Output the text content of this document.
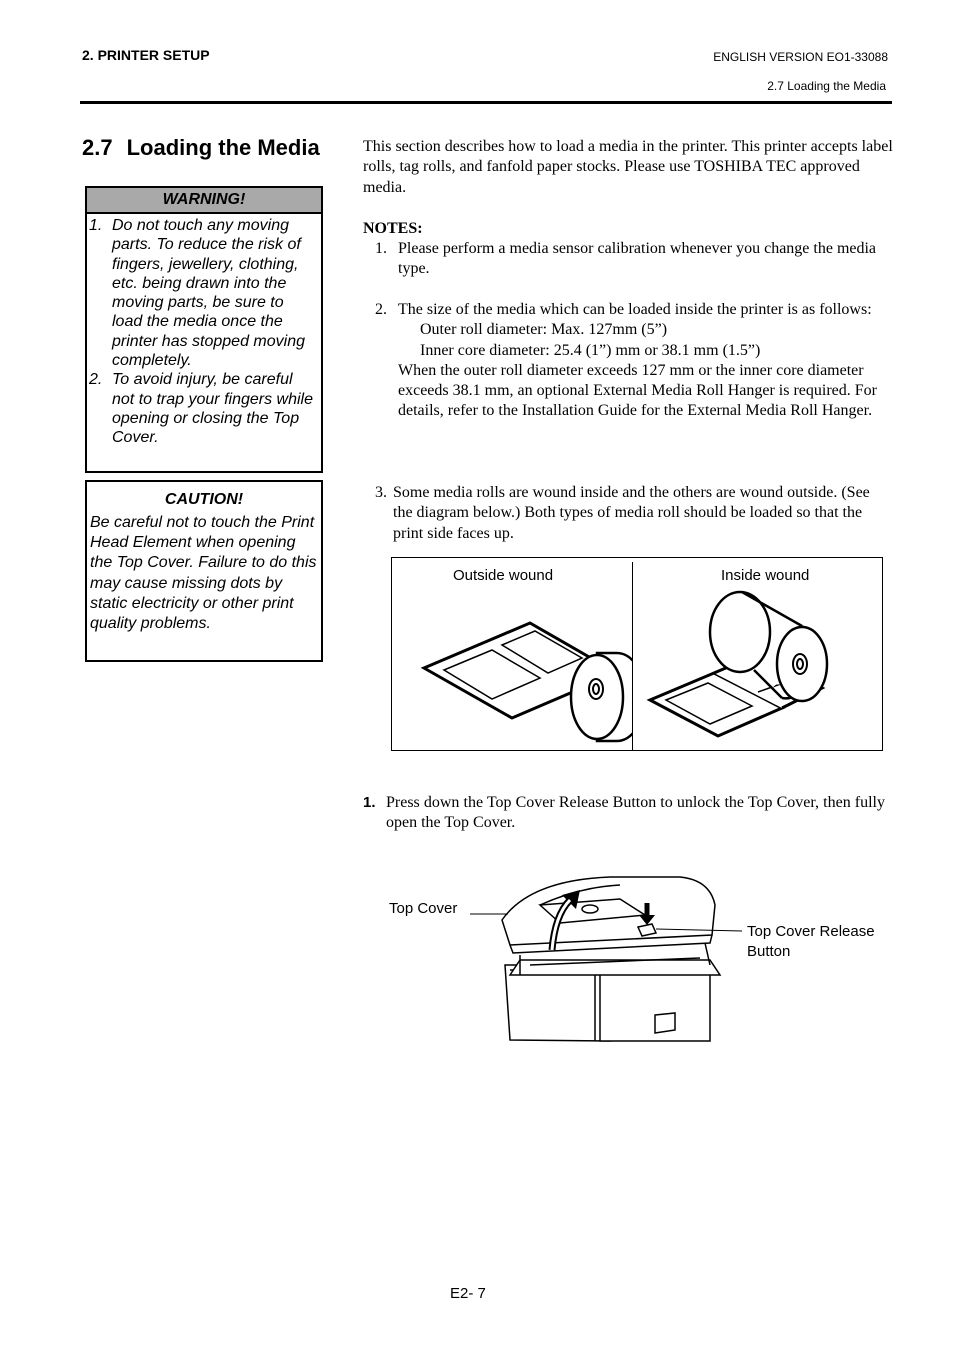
2. PRINTER SETUP	ENGLISH VERSION EO1-33088
2.7 Loading the Media
2.7 Loading the Media
WARNING!
1. Do not touch any moving parts. To reduce the risk of fingers, jewellery, clothing, etc. being drawn into the moving parts, be sure to load the media once the printer has stopped moving completely.
2. To avoid injury, be careful not to trap your fingers while opening or closing the Top Cover.
CAUTION!
Be careful not to touch the Print Head Element when opening the Top Cover. Failure to do this may cause missing dots by static electricity or other print quality problems.
This section describes how to load a media in the printer. This printer accepts label rolls, tag rolls, and fanfold paper stocks. Please use TOSHIBA TEC approved media.
NOTES:
1. Please perform a media sensor calibration whenever you change the media type.
2. The size of the media which can be loaded inside the printer is as follows:
Outer roll diameter: Max. 127mm (5”)
Inner core diameter: 25.4 (1”) mm or 38.1 mm (1.5”)
When the outer roll diameter exceeds 127 mm or the inner core diameter exceeds 38.1 mm, an optional External Media Roll Hanger is required. For details, refer to the Installation Guide for the External Media Roll Hanger.
3. Some media rolls are wound inside and the others are wound outside. (See the diagram below.) Both types of media roll should be loaded so that the print side faces up.
Outside wound	Inside wound
1. Press down the Top Cover Release Button to unlock the Top Cover, then fully open the Top Cover.
Top Cover
Top Cover Release Button
E2- 7
